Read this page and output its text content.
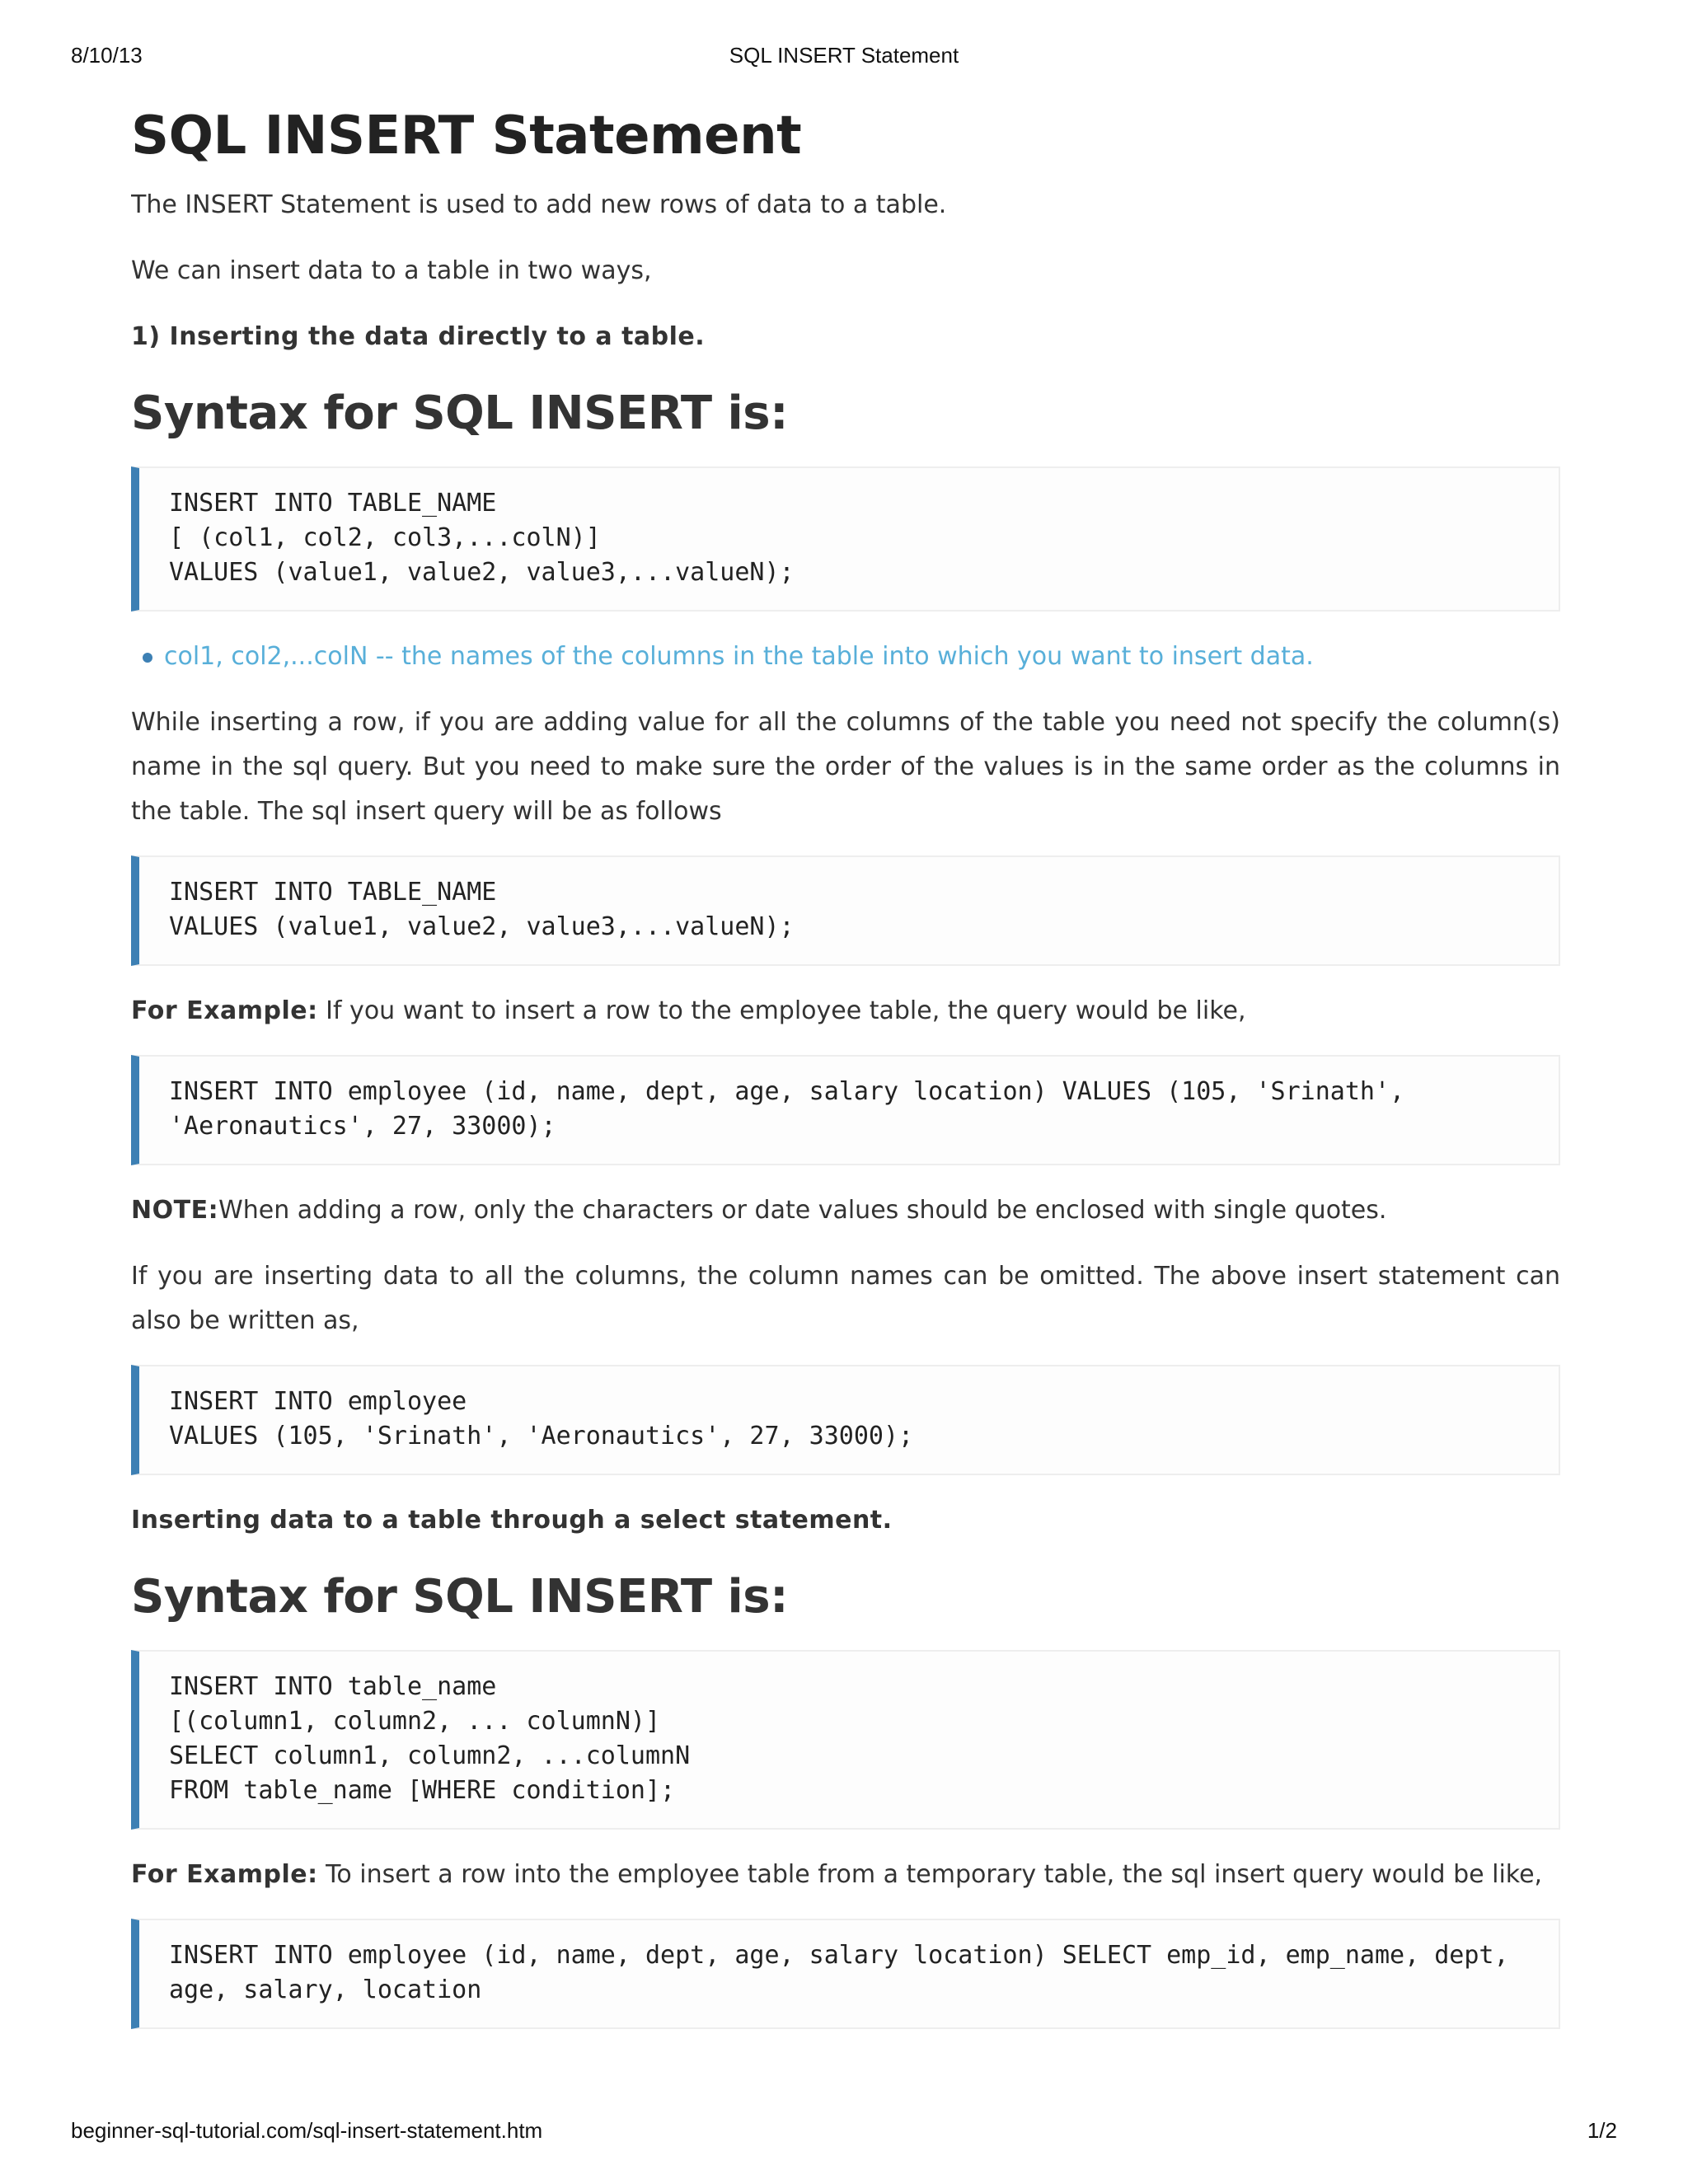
8/10/13	SQL INSERT Statement
SQL INSERT Statement

The INSERT Statement is used to add new rows of data to a table.

We can insert data to a table in two ways,

1) Inserting the data directly to a table.

Syntax for SQL INSERT is:
INSERT INTO TABLE_NAME
[ (col1, col2, col3,...colN)]
VALUES (value1, value2, value3,...valueN);
col1, col2,...colN -- the names of the columns in the table into which you want to insert data.

While inserting a row, if you are adding value for all the columns of the table you need not specify the column(s) name in the sql query. But you need to make sure the order of the values is in the same order as the columns in the table. The sql insert query will be as follows

INSERT INTO TABLE_NAME
VALUES (value1, value2, value3,...valueN);

For Example: If you want to insert a row to the employee table, the query would be like,

INSERT INTO employee (id, name, dept, age, salary location) VALUES (105, 'Srinath', 'Aeronautics', 27, 33000);

NOTE:When adding a row, only the characters or date values should be enclosed with single quotes.

If you are inserting data to all the columns, the column names can be omitted. The above insert statement can also be written as,

INSERT INTO employee
VALUES (105, 'Srinath', 'Aeronautics', 27, 33000);

Inserting data to a table through a select statement.

Syntax for SQL INSERT is:
INSERT INTO table_name
[(column1, column2, ... columnN)]
SELECT column1, column2, ...columnN
FROM table_name [WHERE condition];

For Example: To insert a row into the employee table from a temporary table, the sql insert query would be like,

INSERT INTO employee (id, name, dept, age, salary location) SELECT emp_id, emp_name, dept, age, salary, location
beginner-sql-tutorial.com/sql-insert-statement.htm	1/2
